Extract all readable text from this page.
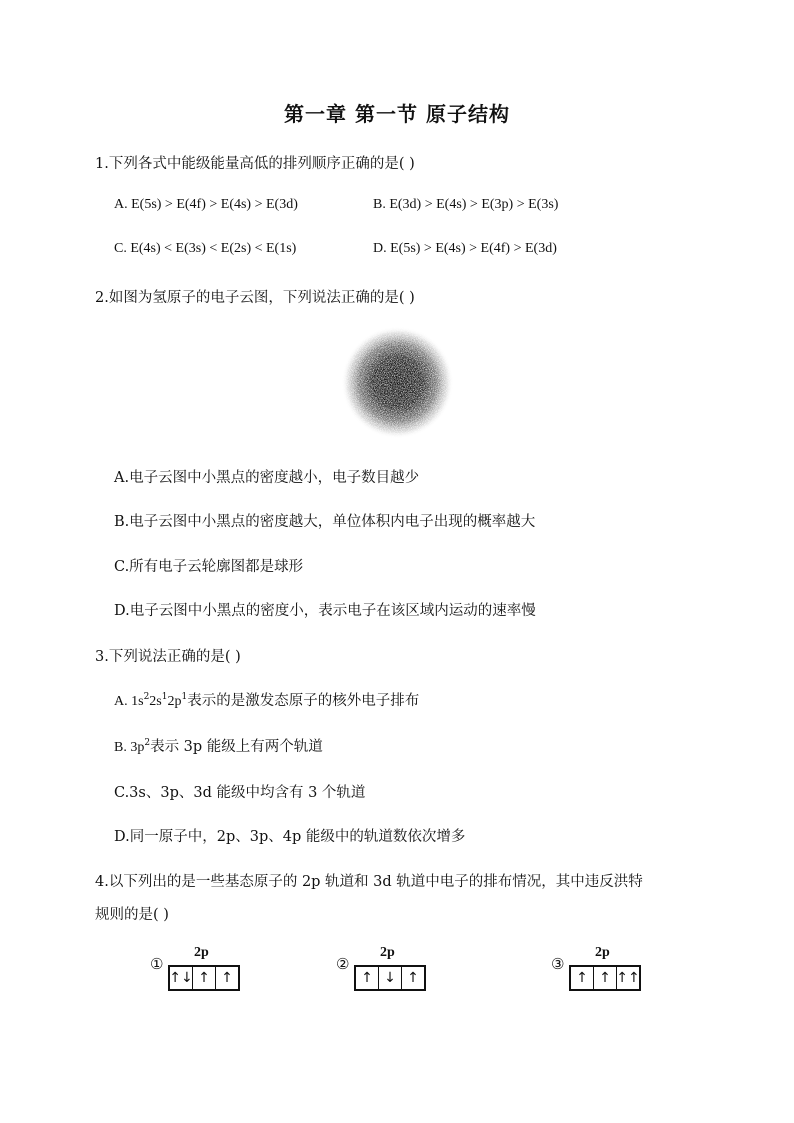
第一章 第一节 原子结构
1.下列各式中能级能量高低的排列顺序正确的是( )
A. E(5s) > E(4f) > E(4s) > E(3d)	B. E(3d) > E(4s) > E(3p) > E(3s)
C. E(4s) < E(3s) < E(2s) < E(1s)	D. E(5s) > E(4s) > E(4f) > E(3d)
2.如图为氢原子的电子云图，下列说法正确的是( )
A.电子云图中小黑点的密度越小，电子数目越少
B.电子云图中小黑点的密度越大，单位体积内电子出现的概率越大
C.所有电子云轮廓图都是球形
D.电子云图中小黑点的密度小，表示电子在该区域内运动的速率慢
3.下列说法正确的是( )
A. $1s^22s^12p^1$表示的是激发态原子的核外电子排布
B. $3p^2$表示 3p 能级上有两个轨道
C.3s、3p、3d 能级中均含有 3 个轨道
D.同一原子中，2p、3p、4p 能级中的轨道数依次增多
4.以下列出的是一些基态原子的 2p 轨道和 3d 轨道中电子的排布情况，其中违反洪特
规则的是( )
2p
①
↑↓ ↑ ↑
2p
②
↑ ↓ ↑
2p
③
↑ ↑ ↑↑
